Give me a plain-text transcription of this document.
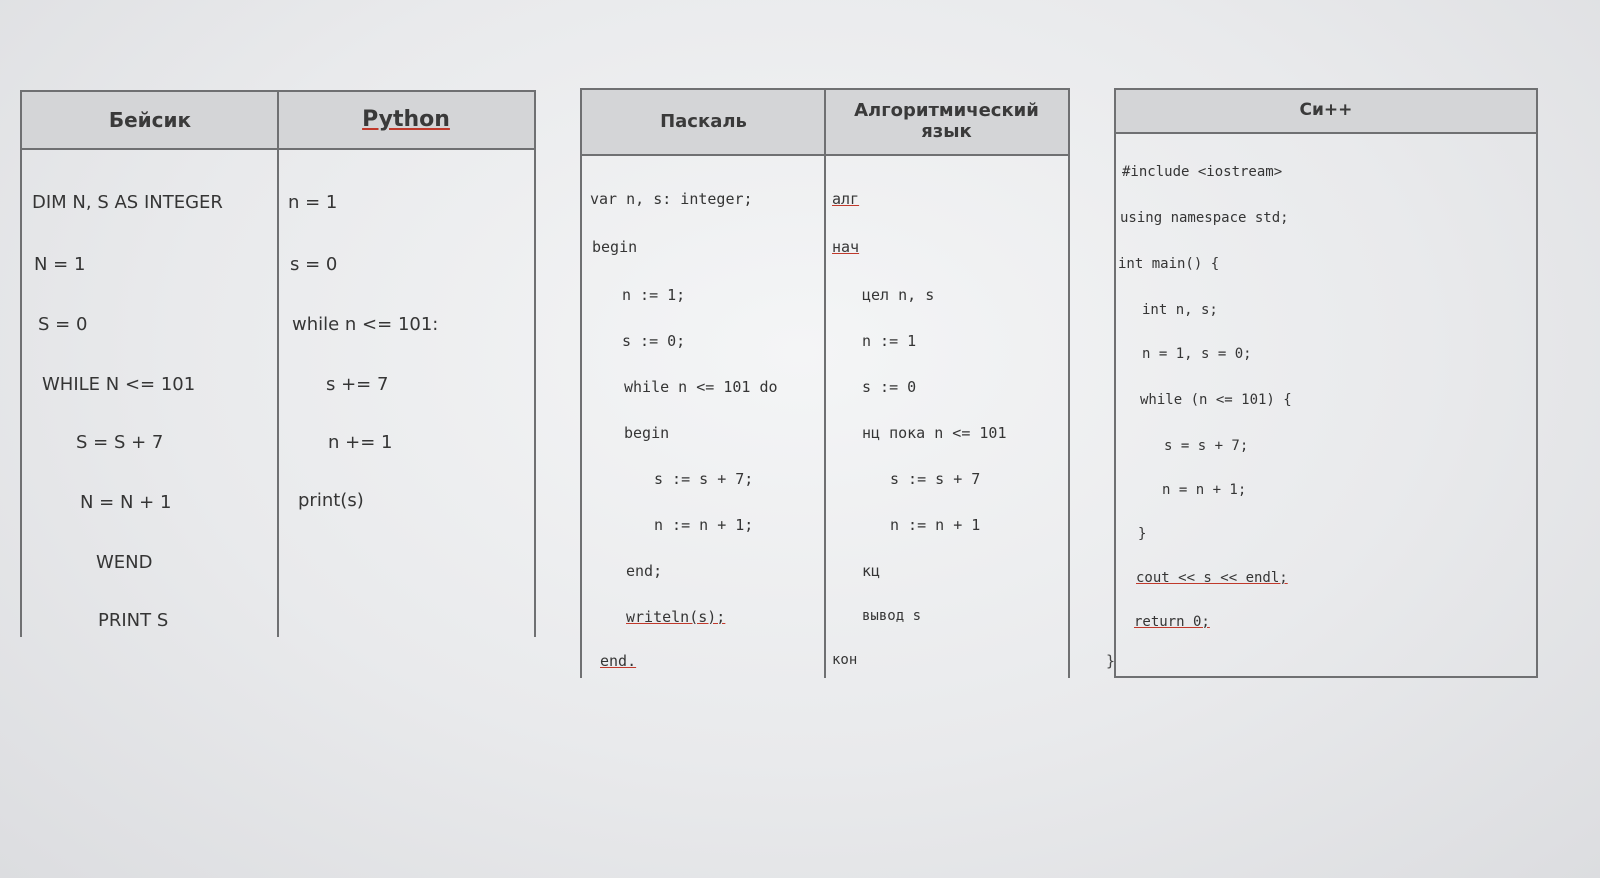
Бейсик	Python
DIM N, S AS INTEGER
N = 1
S = 0
WHILE N <= 101
S = S + 7
N = N + 1
WEND
PRINT S
n = 1
s = 0
while n <= 101:
s += 7
n += 1
print(s)
Паскаль	Алгоритмический язык
var n, s: integer;
begin
n := 1;
s := 0;
while n <= 101 do
begin
s := s + 7;
n := n + 1;
end;
writeln(s);
end.
алг
нач
цел n, s
n := 1
s := 0
нц пока n <= 101
s := s + 7
n := n + 1
кц
вывод s
кон
Си++
#include <iostream>
using namespace std;
int main() {
int n, s;
n = 1, s = 0;
while (n <= 101) {
s = s + 7;
n = n + 1;
}
cout << s << endl;
return 0;
}
